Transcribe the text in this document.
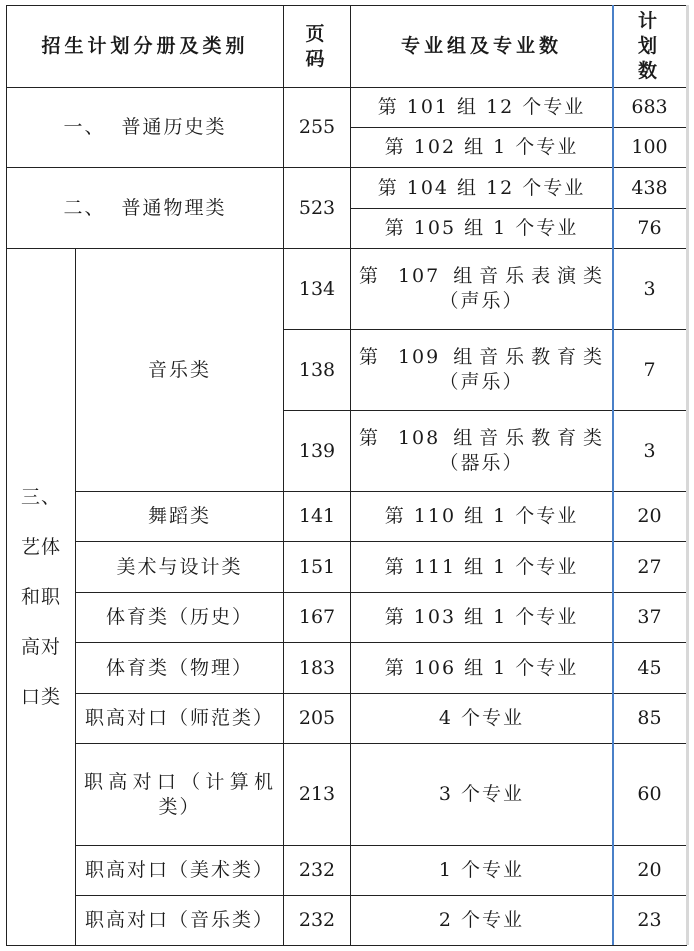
招生计划分册及类别		页码	专业组及专业数	计划数
一、  普通历史类		255	第 101 组 12 个专业	683
			第 102 组 1 个专业	100
二、  普通物理类		523	第 104 组 12 个专业	438
			第 105 组 1 个专业	76
三、艺体和职高对口类	音乐类	134	第 107 组音乐表演类（声乐）	3
		138	第 109 组音乐教育类（声乐）	7
		139	第 108 组音乐教育类（器乐）	3
	舞蹈类	141	第 110 组 1 个专业	20
	美术与设计类	151	第 111 组 1 个专业	27
	体育类（历史）	167	第 103 组 1 个专业	37
	体育类（物理）	183	第 106 组 1 个专业	45
	职高对口（师范类）	205	4 个专业	85
	职高对口（计算机类）	213	3 个专业	60
	职高对口（美术类）	232	1 个专业	20
	职高对口（音乐类）	232	2 个专业	23
